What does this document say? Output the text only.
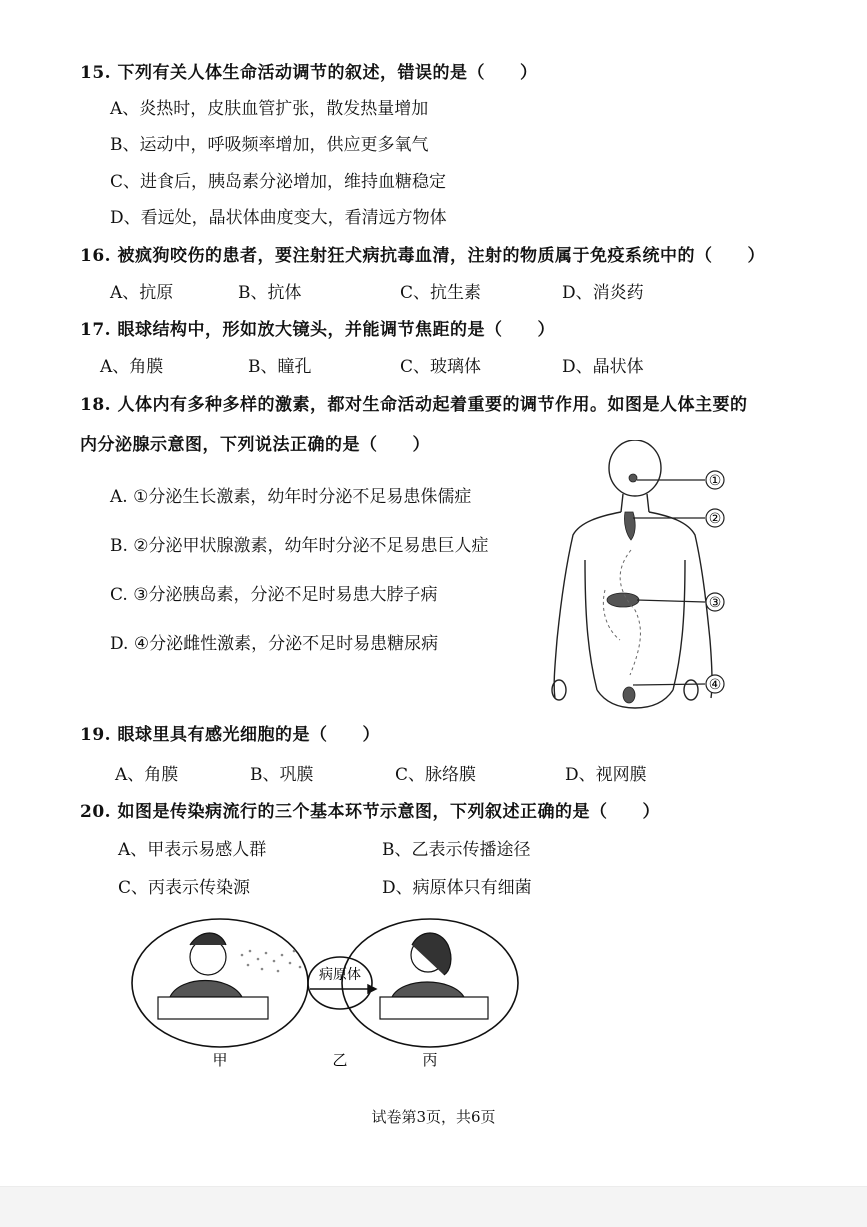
15. 下列有关人体生命活动调节的叙述，错误的是（　　）
A、炎热时，皮肤血管扩张，散发热量增加
B、运动中，呼吸频率增加，供应更多氧气
C、进食后，胰岛素分泌增加，维持血糖稳定
D、看远处，晶状体曲度变大，看清远方物体
16. 被疯狗咬伤的患者，要注射狂犬病抗毒血清，注射的物质属于免疫系统中的（　　）
A、抗原	B、抗体	C、抗生素	D、消炎药
17. 眼球结构中，形如放大镜头，并能调节焦距的是（　　）
A、角膜	B、瞳孔	C、玻璃体	D、晶状体
18. 人体内有多种多样的激素，都对生命活动起着重要的调节作用。如图是人体主要的
内分泌腺示意图，下列说法正确的是（　　）
A. ①分泌生长激素，幼年时分泌不足易患侏儒症
B. ②分泌甲状腺激素，幼年时分泌不足易患巨人症
C. ③分泌胰岛素，分泌不足时易患大脖子病
D. ④分泌雌性激素，分泌不足时易患糖尿病
①
②
③
④
19. 眼球里具有感光细胞的是（　　）
A、角膜	B、巩膜	C、脉络膜	D、视网膜
20. 如图是传染病流行的三个基本环节示意图，下列叙述正确的是（　　）
A、甲表示易感人群	B、乙表示传播途径
C、丙表示传染源	D、病原体只有细菌
病原体
甲	乙	丙
试卷第3页，共6页
